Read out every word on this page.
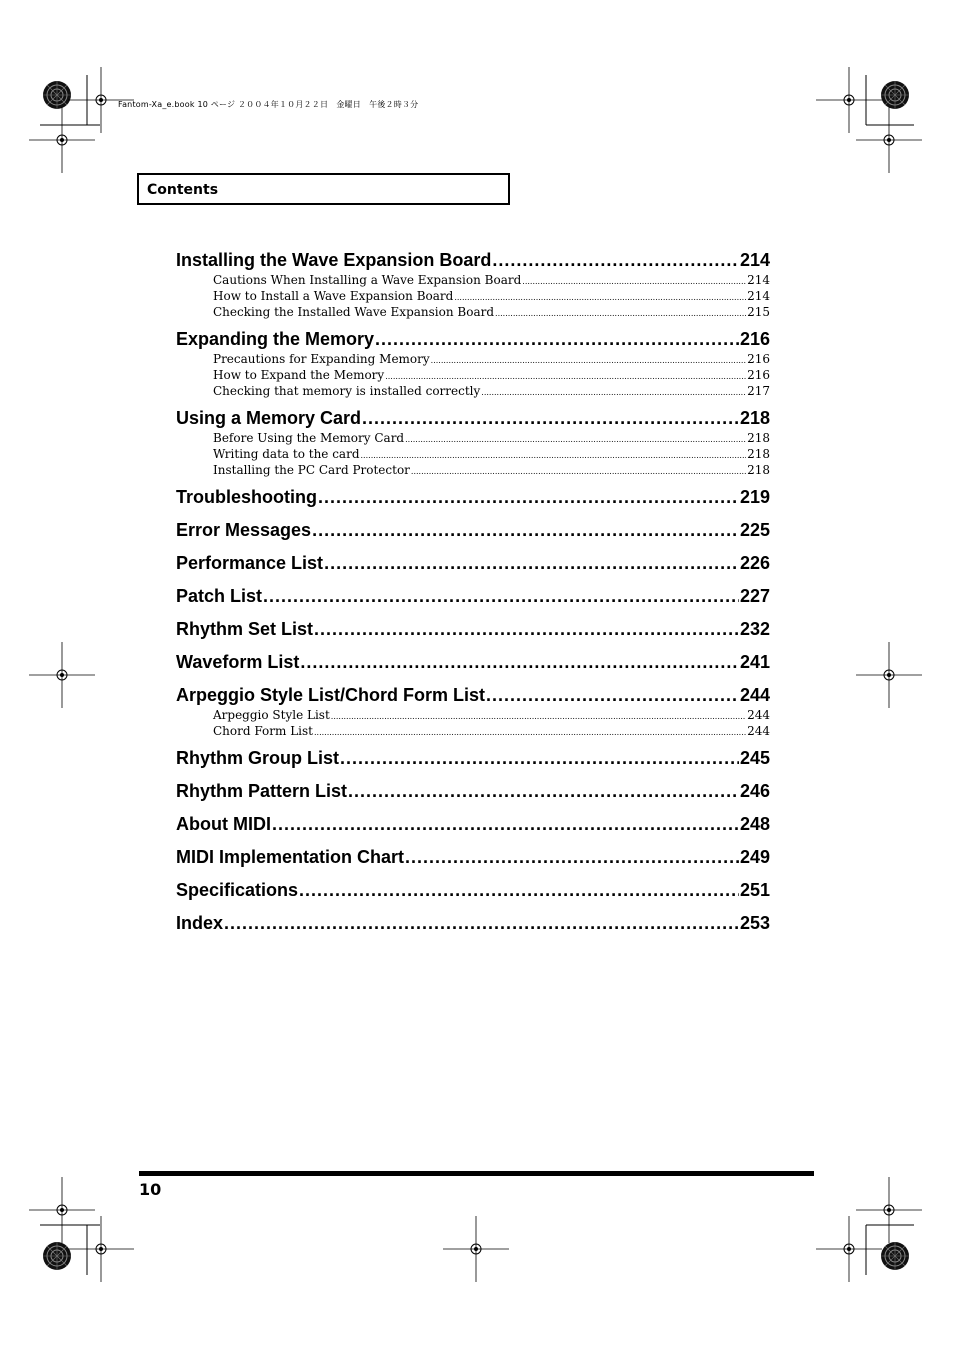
Fantom-Xa_e.book 10 ページ ２００４年１０月２２日　金曜日　午後２時３分
Contents
Installing the Wave Expansion Board .....	214
Cautions When Installing a Wave Expansion Board .....	214
How to Install a Wave Expansion Board .....	214
Checking the Installed Wave Expansion Board .....	215
Expanding the Memory .....	216
Precautions for Expanding Memory .....	216
How to Expand the Memory .....	216
Checking that memory is installed correctly .....	217
Using a Memory Card .....	218
Before Using the Memory Card .....	218
Writing data to the card .....	218
Installing the PC Card Protector .....	218
Troubleshooting .....	219
Error Messages .....	225
Performance List .....	226
Patch List .....	227
Rhythm Set List .....	232
Waveform List .....	241
Arpeggio Style List/Chord Form List .....	244
Arpeggio Style List .....	244
Chord Form List .....	244
Rhythm Group List .....	245
Rhythm Pattern List .....	246
About MIDI .....	248
MIDI Implementation Chart .....	249
Specifications .....	251
Index .....	253
10
